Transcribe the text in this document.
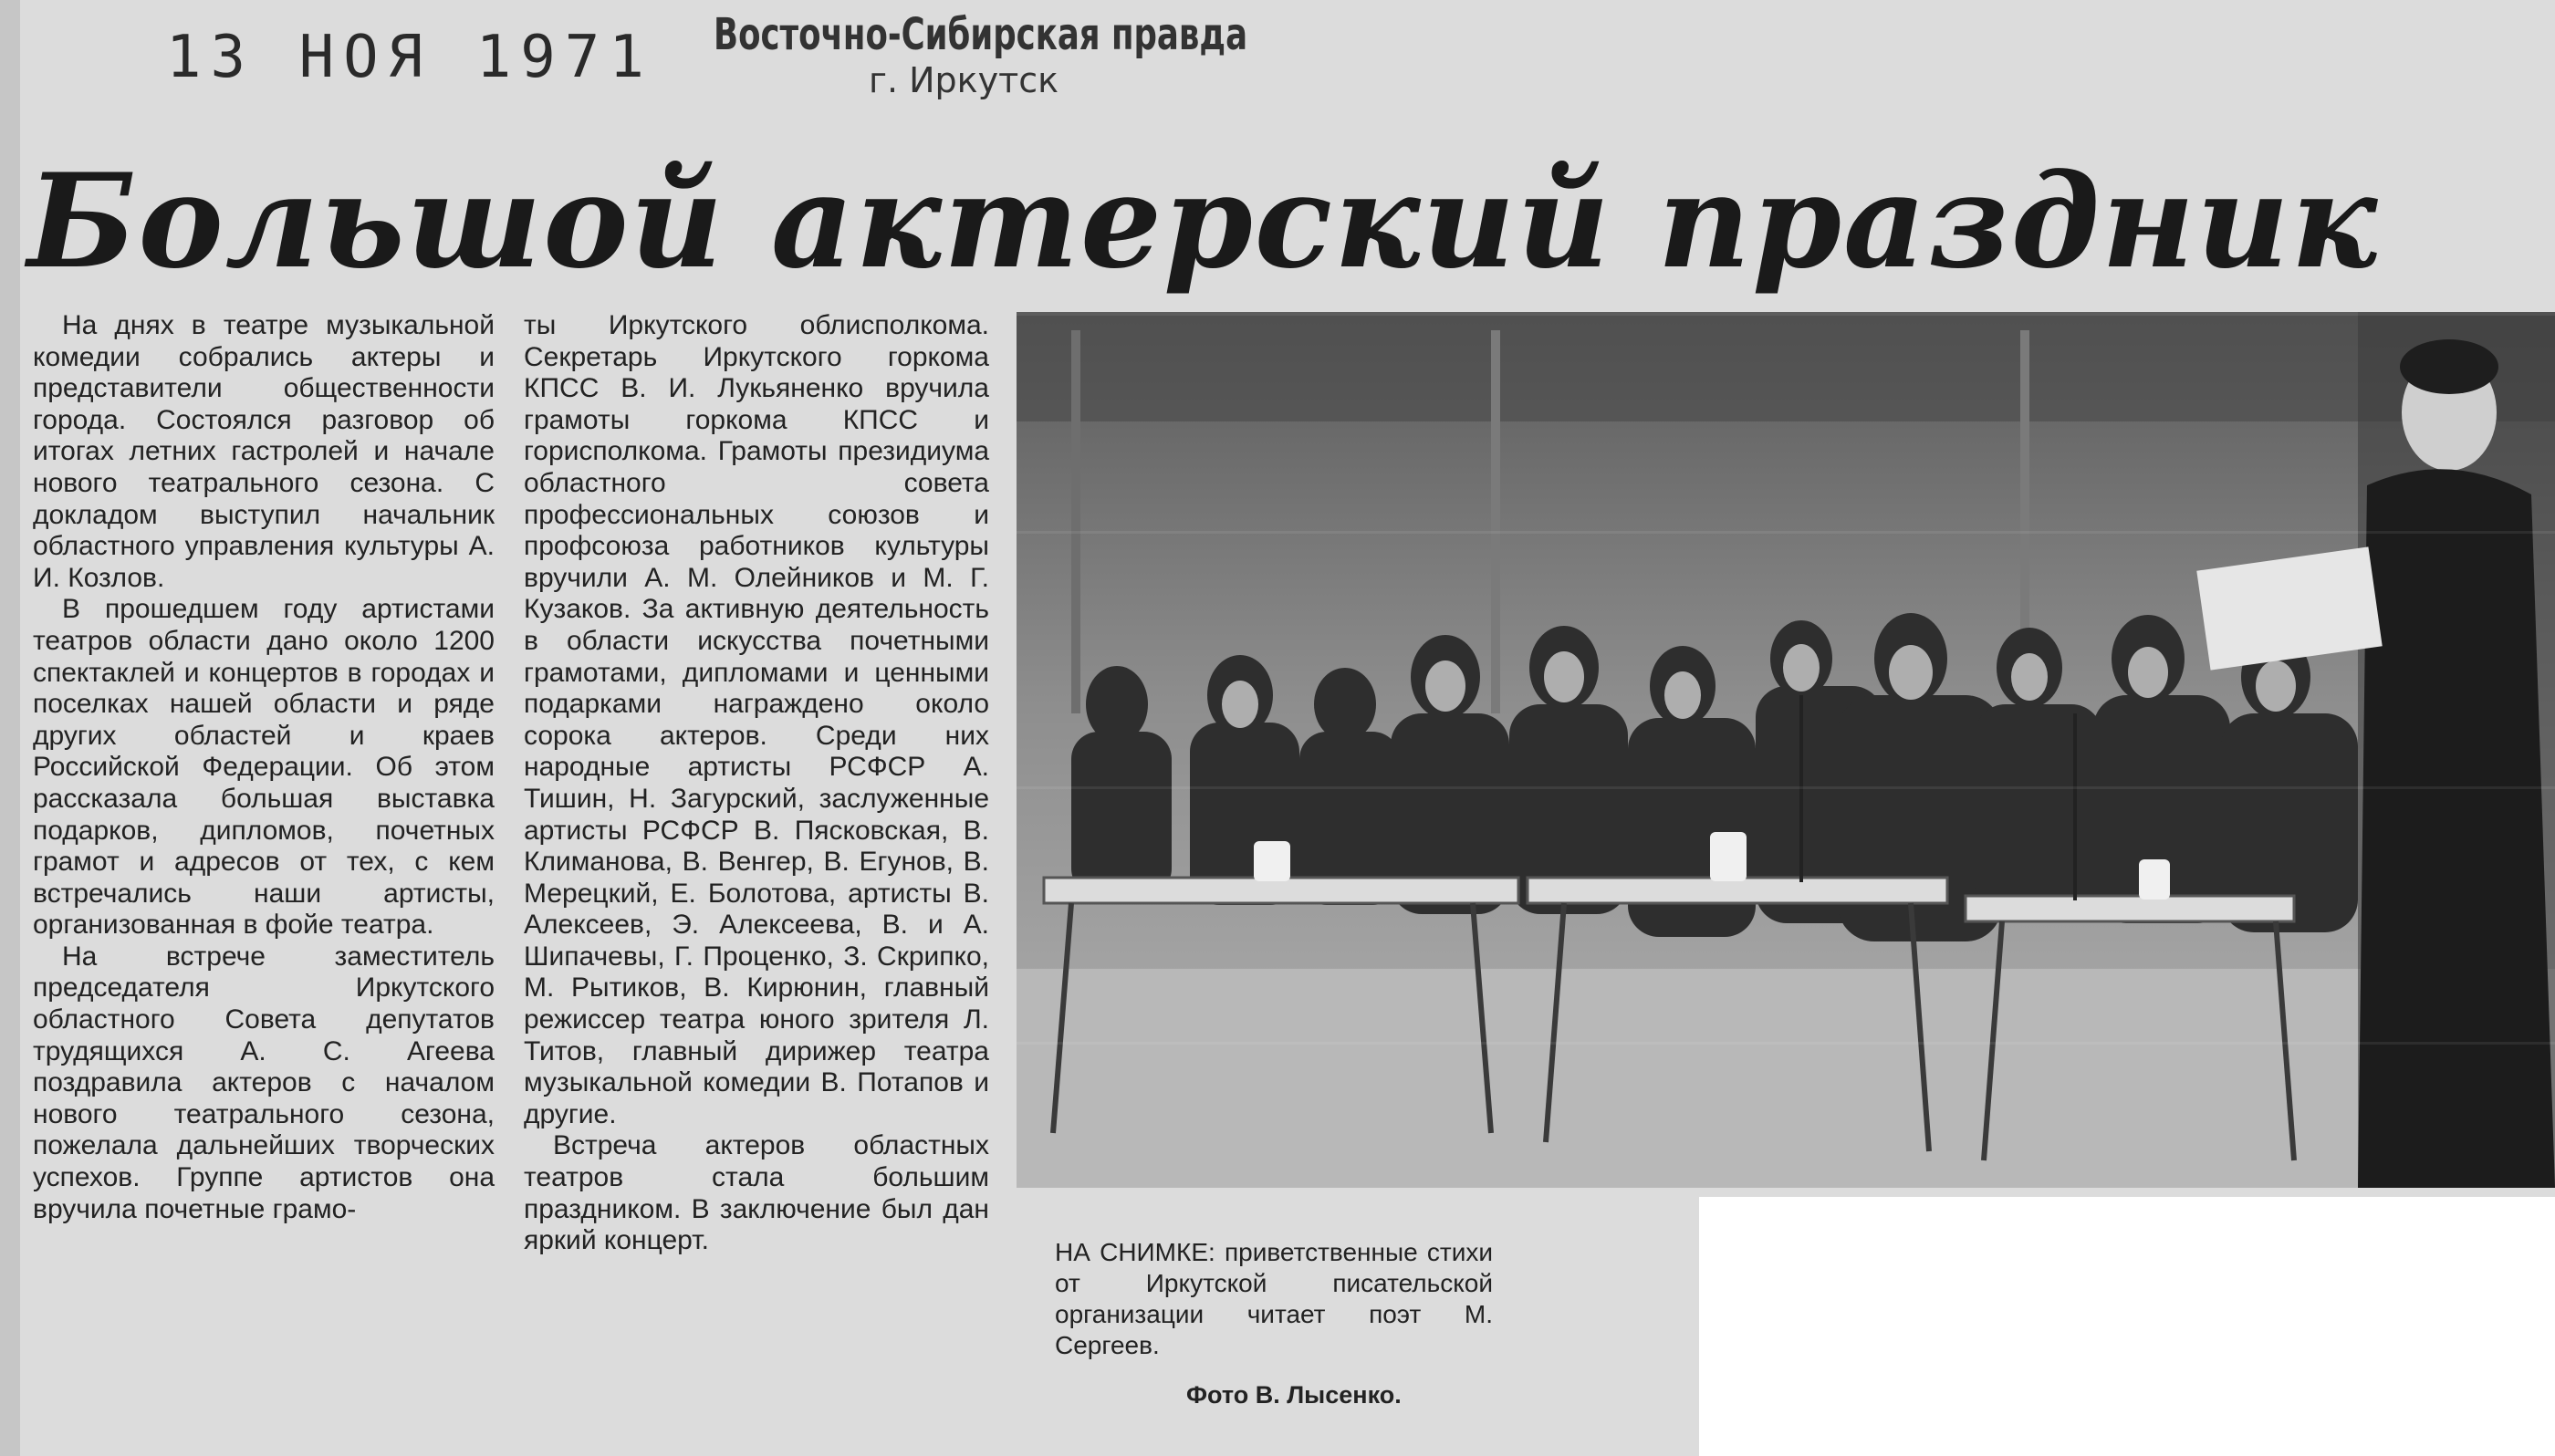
13 НОЯ 1971 Восточно-Сибирская правда
г. Иркутск
Большой актерский праздник

На днях в театре музыкальной комедии собрались актеры и представители общественности города. Состоялся разговор об итогах летних гастролей и начале нового театрального сезона. С докладом выступил начальник областного управления культуры А. И. Козлов.

В прошедшем году артистами театров области дано около 1200 спектаклей и концертов в городах и поселках нашей области и ряде других областей и краев Российской Федерации. Об этом рассказала большая выставка подарков, дипломов, почетных грамот и адресов от тех, с кем встречались наши артисты, организованная в фойе театра.

На встрече заместитель председателя Иркутского областного Совета депутатов трудящихся А. С. Агеева поздравила актеров с началом нового театрального сезона, пожелала дальнейших творческих успехов. Группе артистов она вручила почетные грамо-

ты Иркутского облисполкома. Секретарь Иркутского горкома КПСС В. И. Лукьяненко вручила грамоты горкома КПСС и горисполкома. Грамоты президиума областного совета профессиональных союзов и профсоюза работников культуры вручили А. М. Олейников и М. Г. Кузаков. За активную деятельность в области искусства почетными грамотами, дипломами и ценными подарками награждено около сорока актеров. Среди них народные артисты РСФСР А. Тишин, Н. Загурский, заслуженные артисты РСФСР В. Пясковская, В. Климанова, В. Венгер, В. Егунов, В. Мерецкий, Е. Болотова, артисты В. Алексеев, Э. Алексеева, В. и А. Шипачевы, Г. Проценко, З. Скрипко, М. Рытиков, В. Кирюнин, главный режиссер театра юного зрителя Л. Титов, главный дирижер театра музыкальной комедии В. Потапов и другие.

Встреча актеров областных театров стала большим праздником. В заключение был дан яркий концерт.	НА СНИМКЕ: приветственные стихи от Иркутской писательской организации читает поэт М. Сергеев.
Фото В. Лысенко.
